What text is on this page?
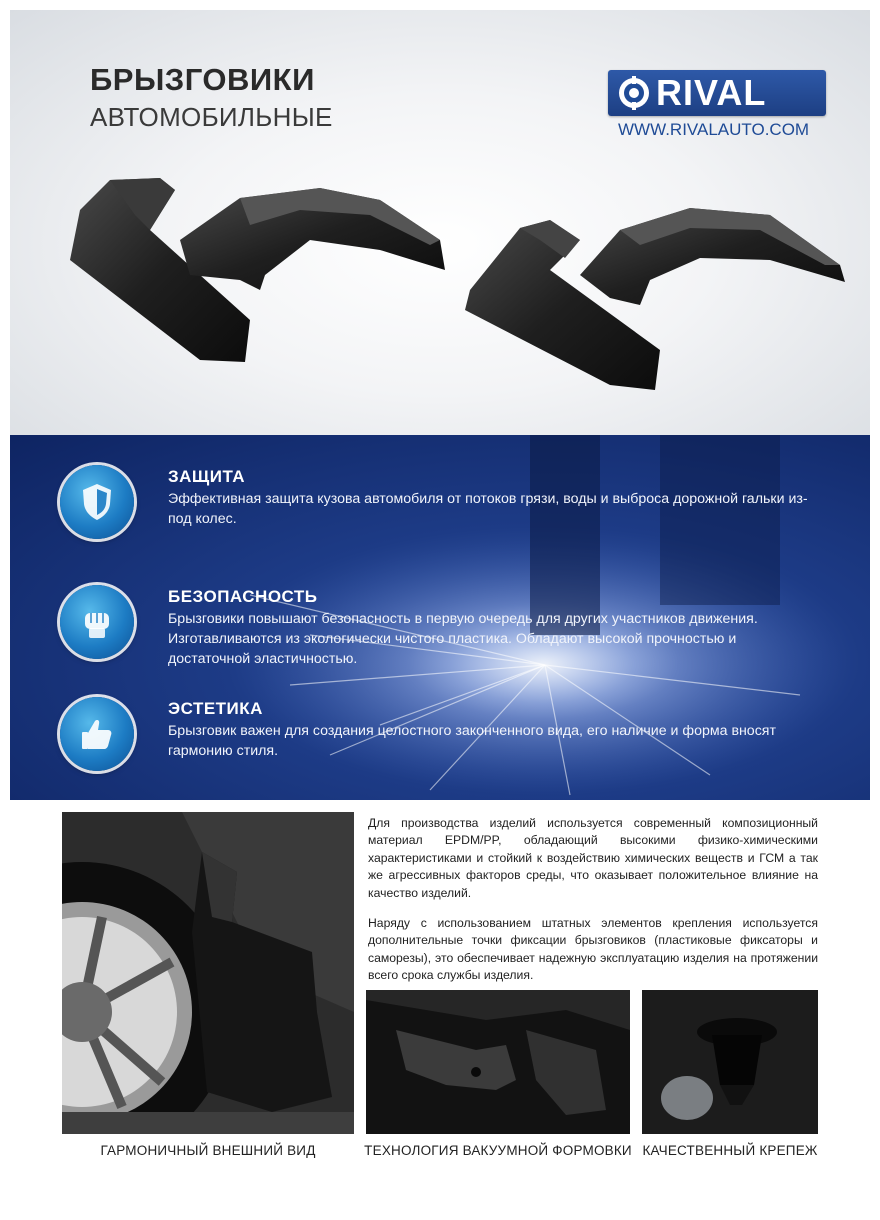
БРЫЗГОВИКИ
АВТОМОБИЛЬНЫЕ
RIVAL
WWW.RIVALAUTO.COM
ЗАЩИТА
Эффективная защита кузова автомобиля от потоков грязи, воды и выброса дорожной гальки из-под колес.
БЕЗОПАСНОСТЬ
Брызговики повышают безопасность в первую очередь для других участников движения. Изготавливаются из экологически чистого пластика. Обладают высокой прочностью и достаточной эластичностью.
ЭСТЕТИКА
Брызговик важен для создания целостного законченного вида, его наличие и форма вносят гармонию стиля.
Для производства изделий используется современный композиционный материал EPDM/PP, обладающий высокими физико-химическими характеристиками и стойкий к воздействию химических веществ и ГСМ а так же агрессивных факторов среды, что оказывает положительное влияние на качество изделий.
Наряду с использованием штатных элементов крепления используется дополнительные точки фиксации брызговиков (пластиковые фиксаторы и саморезы), это обеспечивает надежную эксплуатацию изделия на протяжении всего срока службы изделия.
ГАРМОНИЧНЫЙ ВНЕШНИЙ ВИД	ТЕХНОЛОГИЯ ВАКУУМНОЙ ФОРМОВКИ КАЧЕСТВЕННЫЙ КРЕПЕЖ
